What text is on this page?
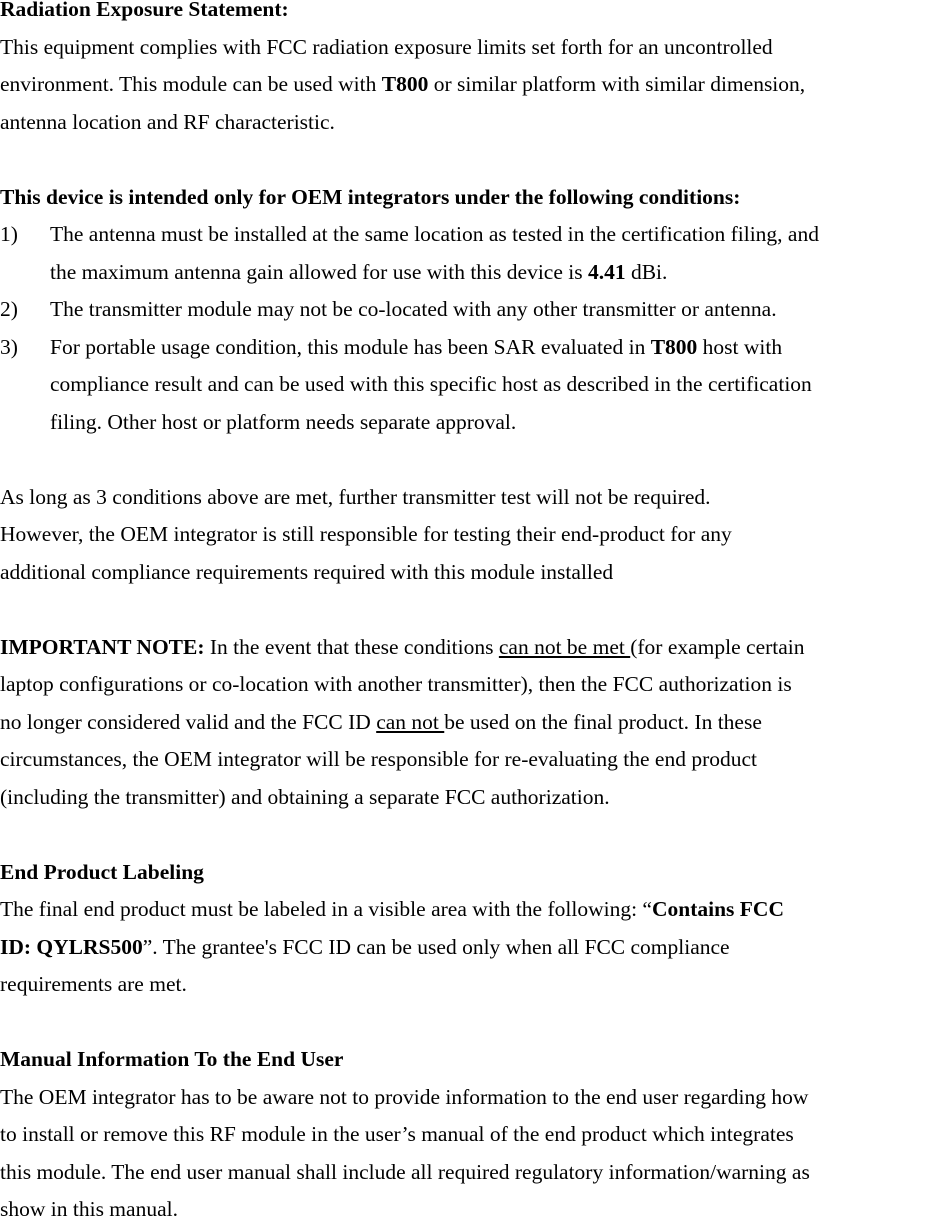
Radiation Exposure Statement:
This equipment complies with FCC radiation exposure limits set forth for an uncontrolled
environment. This module can be used with T800 or similar platform with similar dimension,
antenna location and RF characteristic.
This device is intended only for OEM integrators under the following conditions:
1) The antenna must be installed at the same location as tested in the certification filing, and
the maximum antenna gain allowed for use with this device is 4.41 dBi.
2) The transmitter module may not be co-located with any other transmitter or antenna.
3) For portable usage condition, this module has been SAR evaluated in T800 host with
compliance result and can be used with this specific host as described in the certification
filing. Other host or platform needs separate approval.
As long as 3 conditions above are met, further transmitter test will not be required.
However, the OEM integrator is still responsible for testing their end-product for any
additional compliance requirements required with this module installed
IMPORTANT NOTE: In the event that these conditions can not be met (for example certain
laptop configurations or co-location with another transmitter), then the FCC authorization is
no longer considered valid and the FCC ID can not be used on the final product. In these
circumstances, the OEM integrator will be responsible for re-evaluating the end product
(including the transmitter) and obtaining a separate FCC authorization.
End Product Labeling
The final end product must be labeled in a visible area with the following: “Contains FCC
ID: QYLRS500”. The grantee's FCC ID can be used only when all FCC compliance
requirements are met.
Manual Information To the End User
The OEM integrator has to be aware not to provide information to the end user regarding how
to install or remove this RF module in the user’s manual of the end product which integrates
this module. The end user manual shall include all required regulatory information/warning as
show in this manual.
